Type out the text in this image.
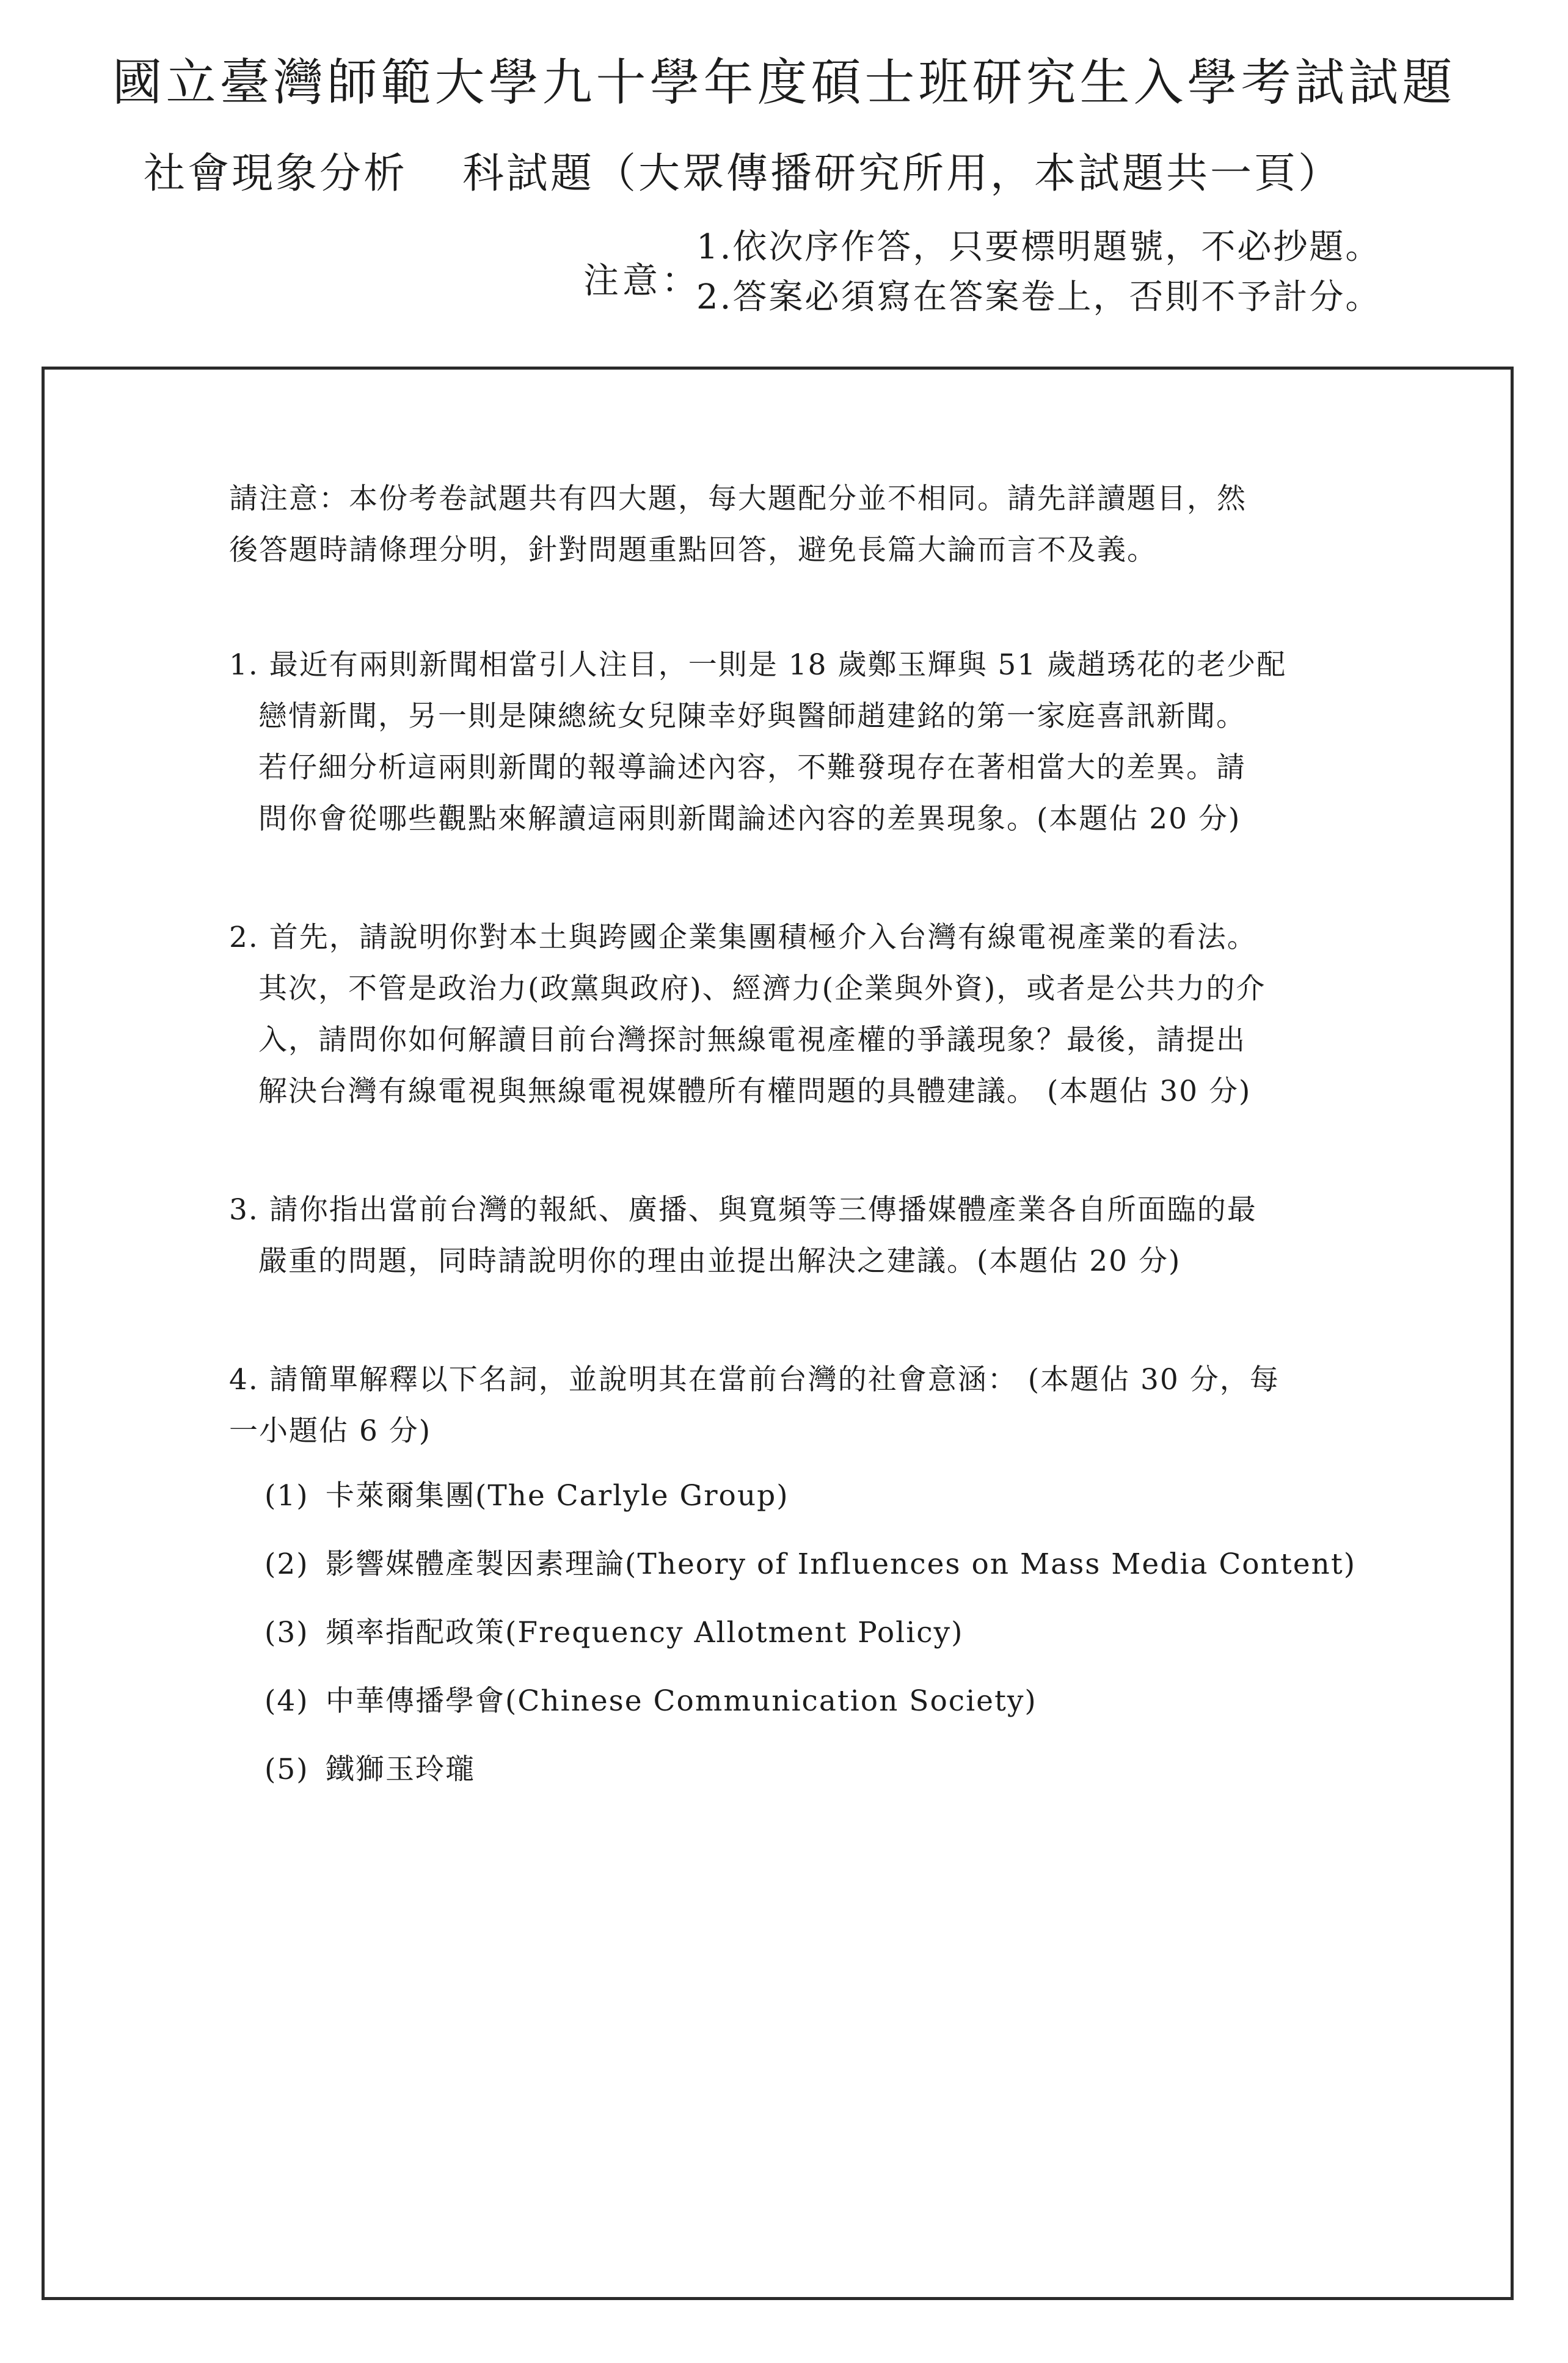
國立臺灣師範大學九十學年度碩士班研究生入學考試試題
社會現象分析 科試題（大眾傳播研究所用，本試題共一頁）
注意：
1.依次序作答，只要標明題號，不必抄題。
2.答案必須寫在答案卷上，否則不予計分。
請注意：本份考卷試題共有四大題，每大題配分並不相同。請先詳讀題目，然
後答題時請條理分明，針對問題重點回答，避免長篇大論而言不及義。
1. 最近有兩則新聞相當引人注目，一則是 18 歲鄭玉輝與 51 歲趙琇花的老少配
戀情新聞，另一則是陳總統女兒陳幸妤與醫師趙建銘的第一家庭喜訊新聞。
若仔細分析這兩則新聞的報導論述內容，不難發現存在著相當大的差異。請
問你會從哪些觀點來解讀這兩則新聞論述內容的差異現象。(本題佔 20 分)
2. 首先，請說明你對本土與跨國企業集團積極介入台灣有線電視產業的看法。
其次，不管是政治力(政黨與政府)、經濟力(企業與外資)，或者是公共力的介
入，請問你如何解讀目前台灣探討無線電視產權的爭議現象？最後，請提出
解決台灣有線電視與無線電視媒體所有權問題的具體建議。 (本題佔 30 分)
3. 請你指出當前台灣的報紙、廣播、與寬頻等三傳播媒體產業各自所面臨的最
嚴重的問題，同時請說明你的理由並提出解決之建議。(本題佔 20 分)
4. 請簡單解釋以下名詞，並說明其在當前台灣的社會意涵： (本題佔 30 分，每
一小題佔 6 分)
(1) 卡萊爾集團(The Carlyle Group)
(2) 影響媒體產製因素理論(Theory of Influences on Mass Media Content)
(3) 頻率指配政策(Frequency Allotment Policy)
(4) 中華傳播學會(Chinese Communication Society)
(5) 鐵獅玉玲瓏
